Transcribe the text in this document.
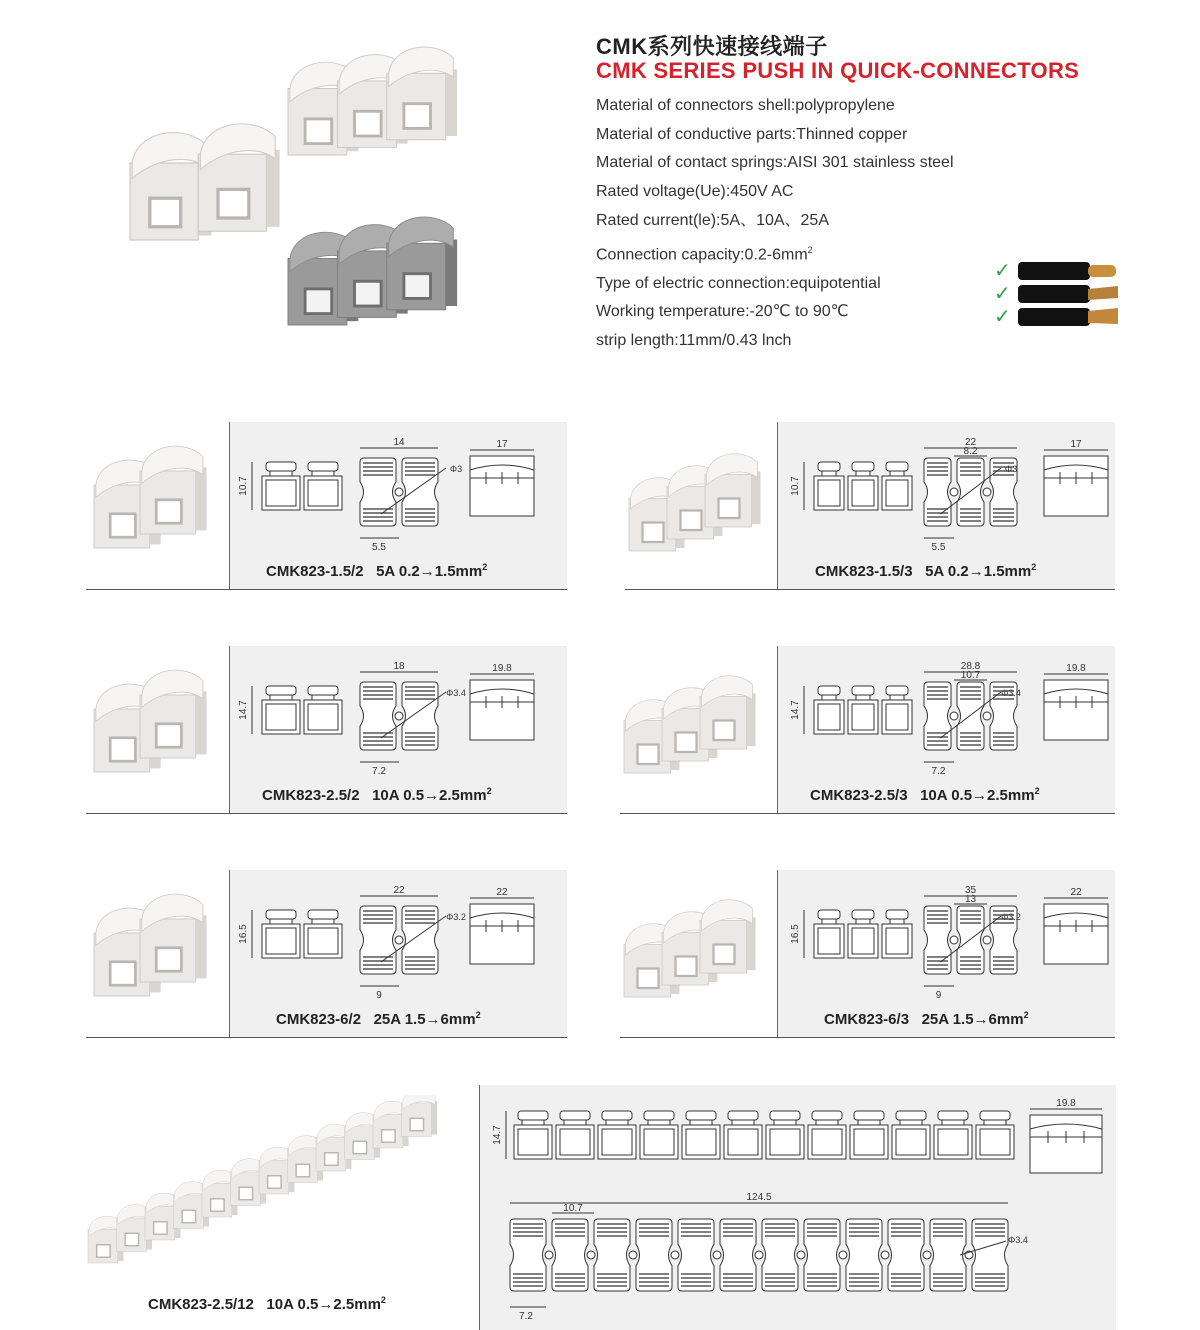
CMK系列快速接线端子
CMK SERIES PUSH IN QUICK-CONNECTORS
Material of connectors shell:polypropylene
Material of conductive parts:Thinned copper
Material of contact springs:AISI 301 stainless steel
Rated voltage(Ue):450V AC
Rated current(le):5A、10A、25A
Connection $capacity:0.2-6mm^2$
Type of electric connection:equipotential
Working temperature:-20℃ to 90℃
strip length:11mm/0.43 lnch
✓
✓
✓
10.7
14
Φ3
5.5
17
CMK823-1.5/2 5A $0.2\to 1.5mm^2$
10.7
22
8.2
Φ3
5.5
17
CMK823-1.5/3 5A $0.2\to 1.5mm^2$
14.7
18
Φ3.4
7.2
19.8
CMK823-2.5/2 10A $0.5\to 2.5mm^2$
14.7
28.8
10.7
Φ3.4
7.2
19.8
CMK823-2.5/3 10A $0.5\to 2.5mm^2$
16.5
22
Φ3.2
9
22
CMK823-6/2 25A $1.5\to 6mm^2$
16.5
35
13
Φ3.2
9
22
CMK823-6/3 25A $1.5\to 6mm^2$
CMK823-2.5/12 10A $0.5\to 2.5mm^2$
14.7
19.8
124.5
10.7
Φ3.4
7.2
